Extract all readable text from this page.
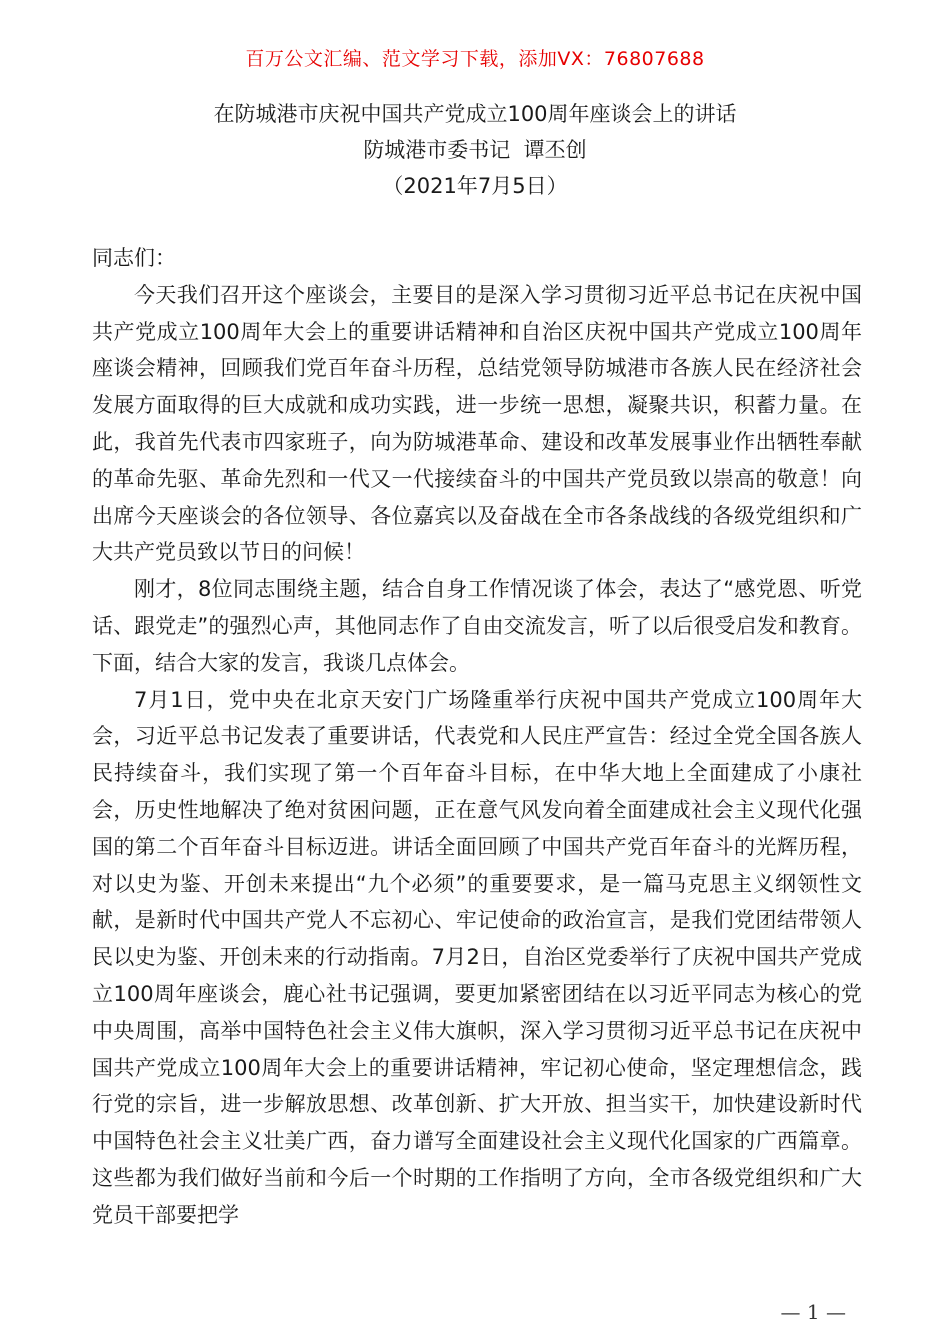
百万公文汇编、范文学习下载，添加VX：76807688
在防城港市庆祝中国共产党成立100周年座谈会上的讲话
防城港市委书记  谭丕创
（2021年7月5日）

同志们：

今天我们召开这个座谈会，主要目的是深入学习贯彻习近平总书记在庆祝中国共产党成立100周年大会上的重要讲话精神和自治区庆祝中国共产党成立100周年座谈会精神，回顾我们党百年奋斗历程，总结党领导防城港市各族人民在经济社会发展方面取得的巨大成就和成功实践，进一步统一思想，凝聚共识，积蓄力量。在此，我首先代表市四家班子，向为防城港革命、建设和改革发展事业作出牺牲奉献的革命先驱、革命先烈和一代又一代接续奋斗的中国共产党员致以崇高的敬意！向出席今天座谈会的各位领导、各位嘉宾以及奋战在全市各条战线的各级党组织和广大共产党员致以节日的问候！

刚才，8位同志围绕主题，结合自身工作情况谈了体会，表达了“感党恩、听党话、跟党走”的强烈心声，其他同志作了自由交流发言，听了以后很受启发和教育。下面，结合大家的发言，我谈几点体会。

7月1日，党中央在北京天安门广场隆重举行庆祝中国共产党成立100周年大会，习近平总书记发表了重要讲话，代表党和人民庄严宣告：经过全党全国各族人民持续奋斗，我们实现了第一个百年奋斗目标，在中华大地上全面建成了小康社会，历史性地解决了绝对贫困问题，正在意气风发向着全面建成社会主义现代化强国的第二个百年奋斗目标迈进。讲话全面回顾了中国共产党百年奋斗的光辉历程，对以史为鉴、开创未来提出“九个必须”的重要要求，是一篇马克思主义纲领性文献，是新时代中国共产党人不忘初心、牢记使命的政治宣言，是我们党团结带领人民以史为鉴、开创未来的行动指南。7月2日，自治区党委举行了庆祝中国共产党成立100周年座谈会，鹿心社书记强调，要更加紧密团结在以习近平同志为核心的党中央周围，高举中国特色社会主义伟大旗帜，深入学习贯彻习近平总书记在庆祝中国共产党成立100周年大会上的重要讲话精神，牢记初心使命，坚定理想信念，践行党的宗旨，进一步解放思想、改革创新、扩大开放、担当实干，加快建设新时代中国特色社会主义壮美广西，奋力谱写全面建设社会主义现代化国家的广西篇章。这些都为我们做好当前和今后一个时期的工作指明了方向，全市各级党组织和广大党员干部要把学

— 1 —
